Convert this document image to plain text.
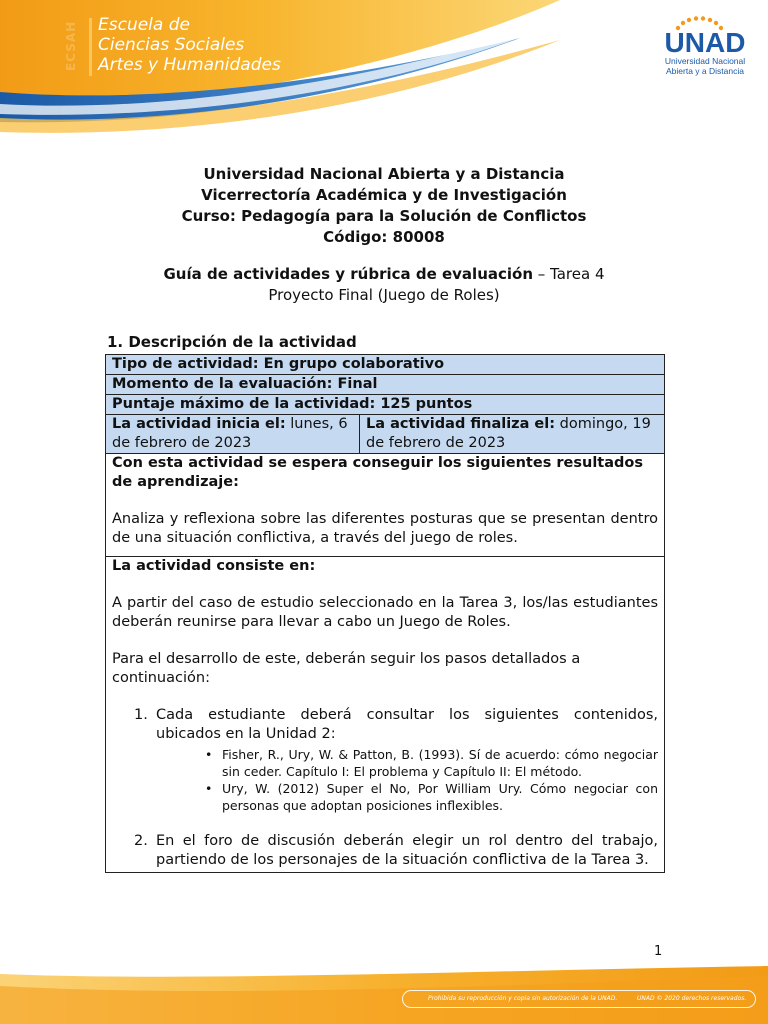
ECSAH	Escuela de
Ciencias Sociales
Artes y Humanidades
UNAD
Universidad Nacional
Abierta y a Distancia
Universidad Nacional Abierta y a Distancia
Vicerrectoría Académica y de Investigación
Curso: Pedagogía para la Solución de Conflictos
Código: 80008
Guía de actividades y rúbrica de evaluación – Tarea 4
Proyecto Final (Juego de Roles)
1. Descripción de la actividad
Tipo de actividad: En grupo colaborativo
Momento de la evaluación: Final
Puntaje máximo de la actividad: 125 puntos
La actividad inicia el: lunes, 6 de febrero de 2023	La actividad finaliza el: domingo, 19 de febrero de 2023

Con esta actividad se espera conseguir los siguientes resultados de aprendizaje:
Analiza y reflexiona sobre las diferentes posturas que se presentan dentro de una situación conflictiva, a través del juego de roles.

La actividad consiste en:
A partir del caso de estudio seleccionado en la Tarea 3, los/las estudiantes deberán reunirse para llevar a cabo un Juego de Roles.
Para el desarrollo de este, deberán seguir los pasos detallados a continuación:
1. Cada estudiante deberá consultar los siguientes contenidos, ubicados en la Unidad 2:
• Fisher, R., Ury, W. & Patton, B. (1993). Sí de acuerdo: cómo negociar sin ceder. Capítulo I: El problema y Capítulo II: El método.
• Ury, W. (2012) Super el No, Por William Ury. Cómo negociar con personas que adoptan posiciones inflexibles.
2. En el foro de discusión deberán elegir un rol dentro del trabajo, partiendo de los personajes de la situación conflictiva de la Tarea 3.
1
Prohibida su reproducción y copia sin autorización de la UNAD.	UNAD © 2020 derechos reservados.
